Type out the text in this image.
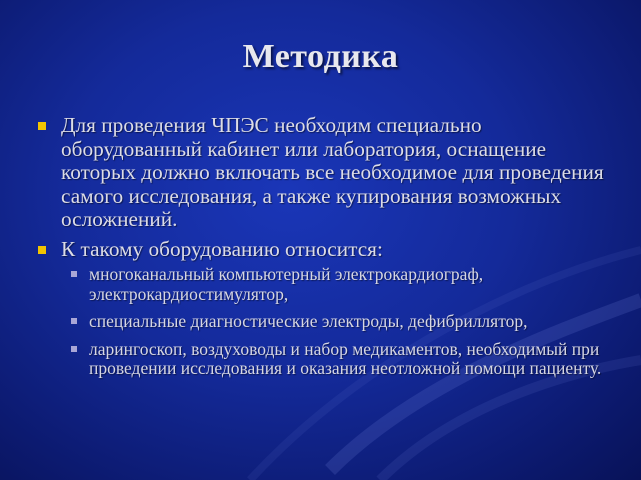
Методика
Для проведения ЧПЭС необходим специально оборудованный кабинет или лаборатория, оснащение которых должно включать все необходимое для проведения самого исследования, а также купирования возможных осложнений.
К такому оборудованию относится:
многоканальный компьютерный электрокардиограф, электрокардиостимулятор,
специальные диагностические электроды, дефибриллятор,
ларингоскоп, воздуховоды и набор медикаментов, необходимый при проведении исследования и оказания неотложной помощи пациенту.
